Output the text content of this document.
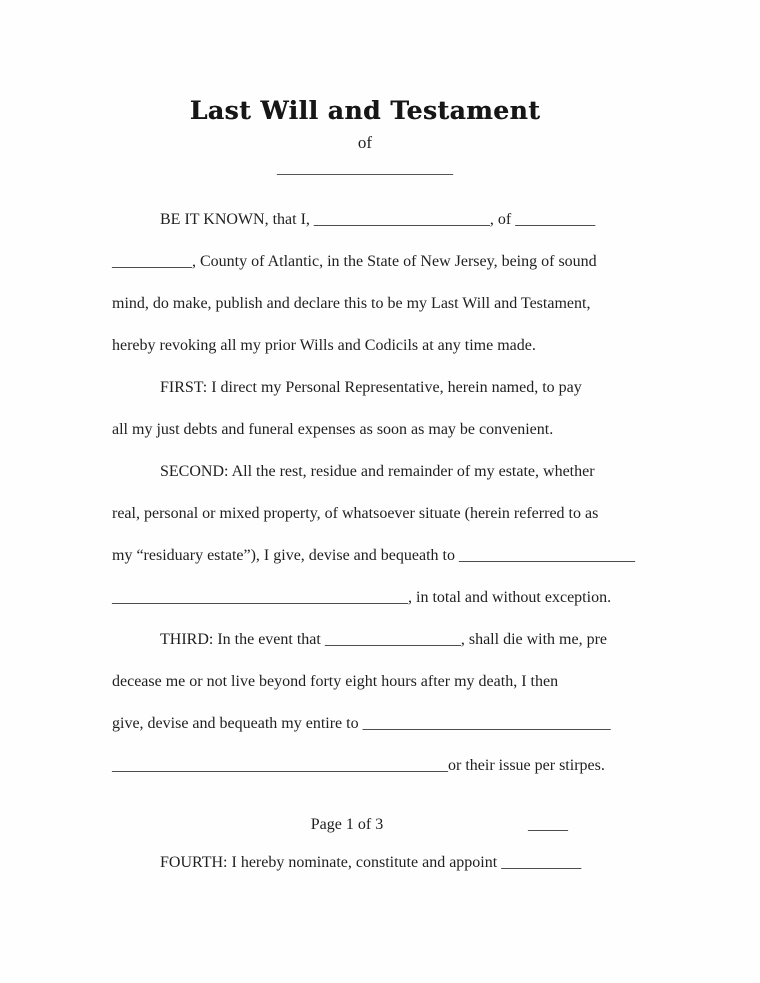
Last Will and Testament
of
______________________
BE IT KNOWN, that I, ______________________, of __________
__________, County of Atlantic, in the State of New Jersey, being of sound
mind, do make, publish and declare this to be my Last Will and Testament,
hereby revoking all my prior Wills and Codicils at any time made.
FIRST: I direct my Personal Representative, herein named, to pay
all my just debts and funeral expenses as soon as may be convenient.
SECOND: All the rest, residue and remainder of my estate, whether
real, personal or mixed property, of whatsoever situate (herein referred to as
my “residuary estate”), I give, devise and bequeath to ______________________
_____________________________________, in total and without exception.
THIRD: In the event that _________________, shall die with me, pre
decease me or not live beyond forty eight hours after my death, I then
give, devise and bequeath my entire to _______________________________
__________________________________________or their issue per stirpes.
Page 1 of 3	_____
FOURTH: I hereby nominate, constitute and appoint __________
